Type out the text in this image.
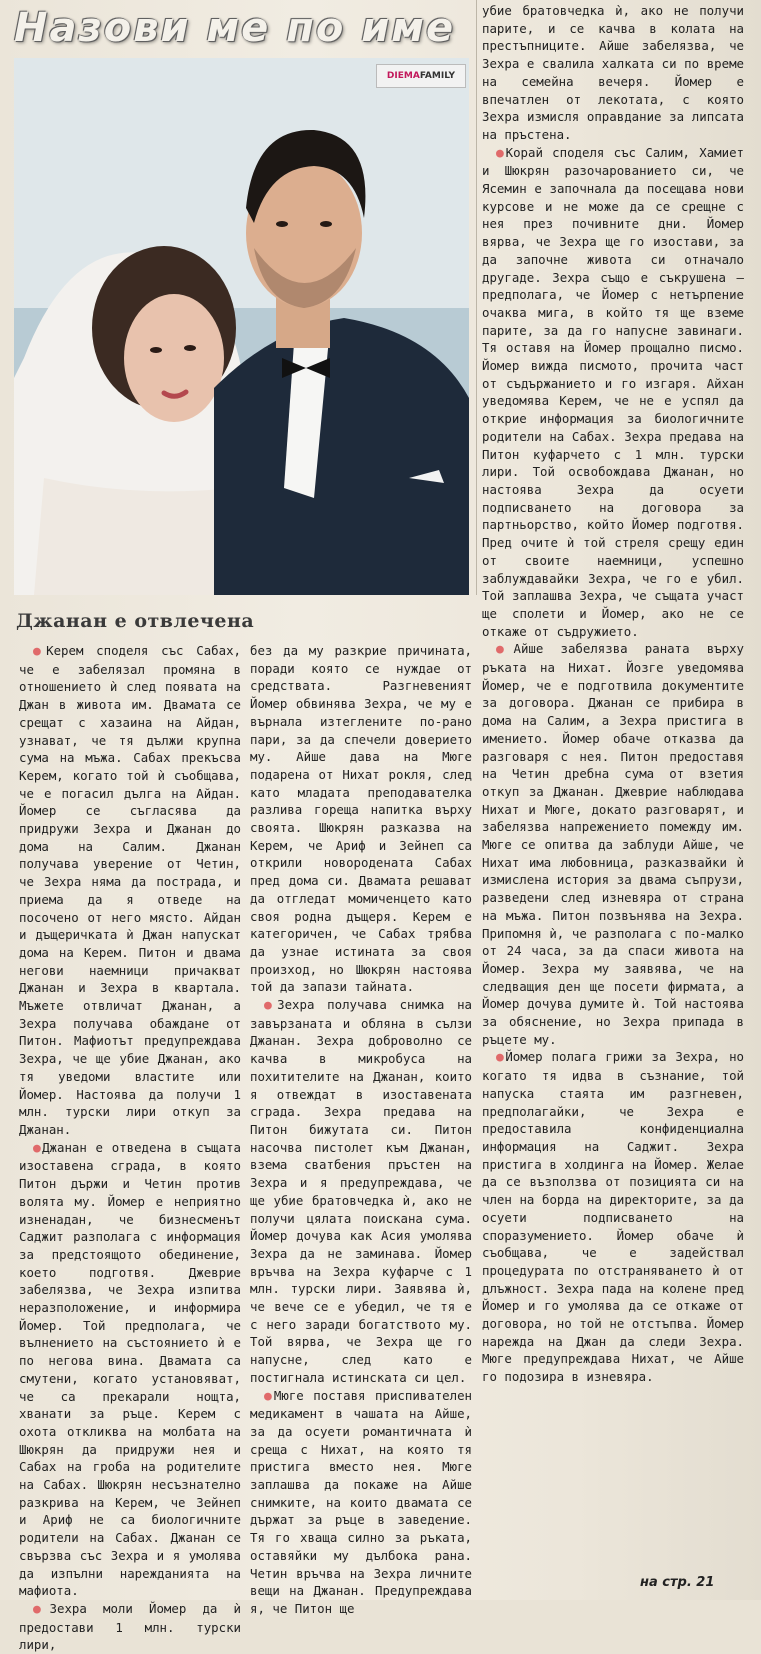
Назови ме по име
DIEMAFAMILY
Джанан е отвлечена

●Керем споделя със Сабах, че е забелязал промяна в отношението ѝ след появата на Джан в живота им. Двамата се срещат с хазаина на Айдан, узнават, че тя дължи крупна сума на мъжа. Сабах прекъсва Керем, когато той ѝ съобщава, че е погасил дълга на Айдан. Йомер се съгласява да придружи Зехра и Джанан до дома на Салим. Джанан получава уверение от Четин, че Зехра няма да пострада, и приема да я отведе на посочено от него място. Айдан и дъщеричката ѝ Джан напускат дома на Керем. Питон и двама негови наемници причакват Джанан и Зехра в квартала. Мъжете отвличат Джанан, а Зехра получава обаждане от Питон. Мафиотът предупреждава Зехра, че ще убие Джанан, ако тя уведоми властите или Йомер. Настоява да получи 1 млн. турски лири откуп за Джанан.

●Джанан е отведена в същата изоставена сграда, в която Питон държи и Четин против волята му. Йомер е неприятно изненадан, че бизнесменът Саджит разполага с информация за предстоящото обединение, което подготвя. Джеврие забелязва, че Зехра изпитва неразположение, и информира Йомер. Той предполага, че вълнението на състоянието ѝ е по негова вина. Двамата са смутени, когато установяват, че са прекарали нощта, хванати за ръце. Керем с охота откликва на молбата на Шюкрян да придружи нея и Сабах на гроба на родителите на Сабах. Шюкрян несъзнателно разкрива на Керем, че Зейнеп и Ариф не са биологичните родители на Сабах. Джанан се свързва със Зехра и я умолява да изпълни нарежданията на мафиота.

●Зехра моли Йомер да ѝ предостави 1 млн. турски лири,

без да му разкрие причината, поради която се нуждае от средствата. Разгневеният Йомер обвинява Зехра, че му е върнала изтеглените по-рано пари, за да спечели доверието му. Айше дава на Мюге подарена от Нихат рокля, след като младата преподавателка разлива гореща напитка върху своята. Шюкрян разказва на Керем, че Ариф и Зейнеп са открили новородената Сабах пред дома си. Двамата решават да отгледат момиченцето като своя родна дъщеря. Керем е категоричен, че Сабах трябва да узнае истината за своя произход, но Шюкрян настоява той да запази тайната.

●Зехра получава снимка на завързаната и обляна в сълзи Джанан. Зехра доброволно се качва в микробуса на похитителите на Джанан, които я отвеждат в изоставената сграда. Зехра предава на Питон бижутата си. Питон насочва пистолет към Джанан, взема сватбения пръстен на Зехра и я предупреждава, че ще убие братовчедка ѝ, ако не получи цялата поискана сума. Йомер дочува как Асия умолява Зехра да не заминава. Йомер връчва на Зехра куфарче с 1 млн. турски лири. Заявява ѝ, че вече се е убедил, че тя е с него заради богатството му. Той вярва, че Зехра ще го напусне, след като е постигнала истинската си цел.

●Мюге поставя приспивателен медикамент в чашата на Айше, за да осуети романтичната ѝ среща с Нихат, на която тя пристига вместо нея. Мюге заплашва да покаже на Айше снимките, на които двамата се държат за ръце в заведение. Тя го хваща силно за ръката, оставяйки му дълбока рана. Четин връчва на Зехра личните вещи на Джанан. Предупреждава я, че Питон ще

убие братовчедка ѝ, ако не получи парите, и се качва в колата на престъпниците. Айше забелязва, че Зехра е свалила халката си по време на семейна вечеря. Йомер е впечатлен от лекотата, с която Зехра измисля оправдание за липсата на пръстена.

●Корай споделя със Салим, Хамиет и Шюкрян разочарованието си, че Ясемин е започнала да посещава нови курсове и не може да се срещне с нея през почивните дни. Йомер вярва, че Зехра ще го изостави, за да започне живота си отначало другаде. Зехра също е съкрушена – предполага, че Йомер с нетърпение очаква мига, в който тя ще вземе парите, за да го напусне завинаги. Тя оставя на Йомер прощално писмо. Йомер вижда писмото, прочита част от съдържанието и го изгаря. Айхан уведомява Керем, че не е успял да открие информация за биологичните родители на Сабах. Зехра предава на Питон куфарчето с 1 млн. турски лири. Той освобождава Джанан, но настоява Зехра да осуети подписването на договора за партньорство, който Йомер подготвя. Пред очите ѝ той стреля срещу един от своите наемници, успешно заблуждавайки Зехра, че го е убил. Той заплашва Зехра, че същата участ ще сполети и Йомер, ако не се откаже от съдружието.

●Айше забелязва раната върху ръката на Нихат. Йозге уведомява Йомер, че е подготвила документите за договора. Джанан се прибира в дома на Салим, а Зехра пристига в имението. Йомер обаче отказва да разговаря с нея. Питон предоставя на Четин дребна сума от взетия откуп за Джанан. Джеврие наблюдава Нихат и Мюге, докато разговарят, и забелязва напрежението помежду им. Мюге се опитва да заблуди Айше, че Нихат има любовница, разказвайки ѝ измислена история за двама съпрузи, разведени след изневяра от страна на мъжа. Питон позвънява на Зехра. Припомня ѝ, че разполага с по-малко от 24 часа, за да спаси живота на Йомер. Зехра му заявява, че на следващия ден ще посети фирмата, а Йомер дочува думите ѝ. Той настоява за обяснение, но Зехра припада в ръцете му.

●Йомер полага грижи за Зехра, но когато тя идва в съзнание, той напуска стаята им разгневен, предполагайки, че Зехра е предоставила конфиденциална информация на Саджит. Зехра пристига в холдинга на Йомер. Желае да се възползва от позицията си на член на борда на директорите, за да осуети подписването на споразумението. Йомер обаче ѝ съобщава, че е задействал процедурата по отстраняването ѝ от длъжност. Зехра пада на колене пред Йомер и го умолява да се откаже от договора, но той не отстъпва. Йомер нарежда на Джан да следи Зехра. Мюге предупреждава Нихат, че Айше го подозира в изневяра.

на стр. 21
